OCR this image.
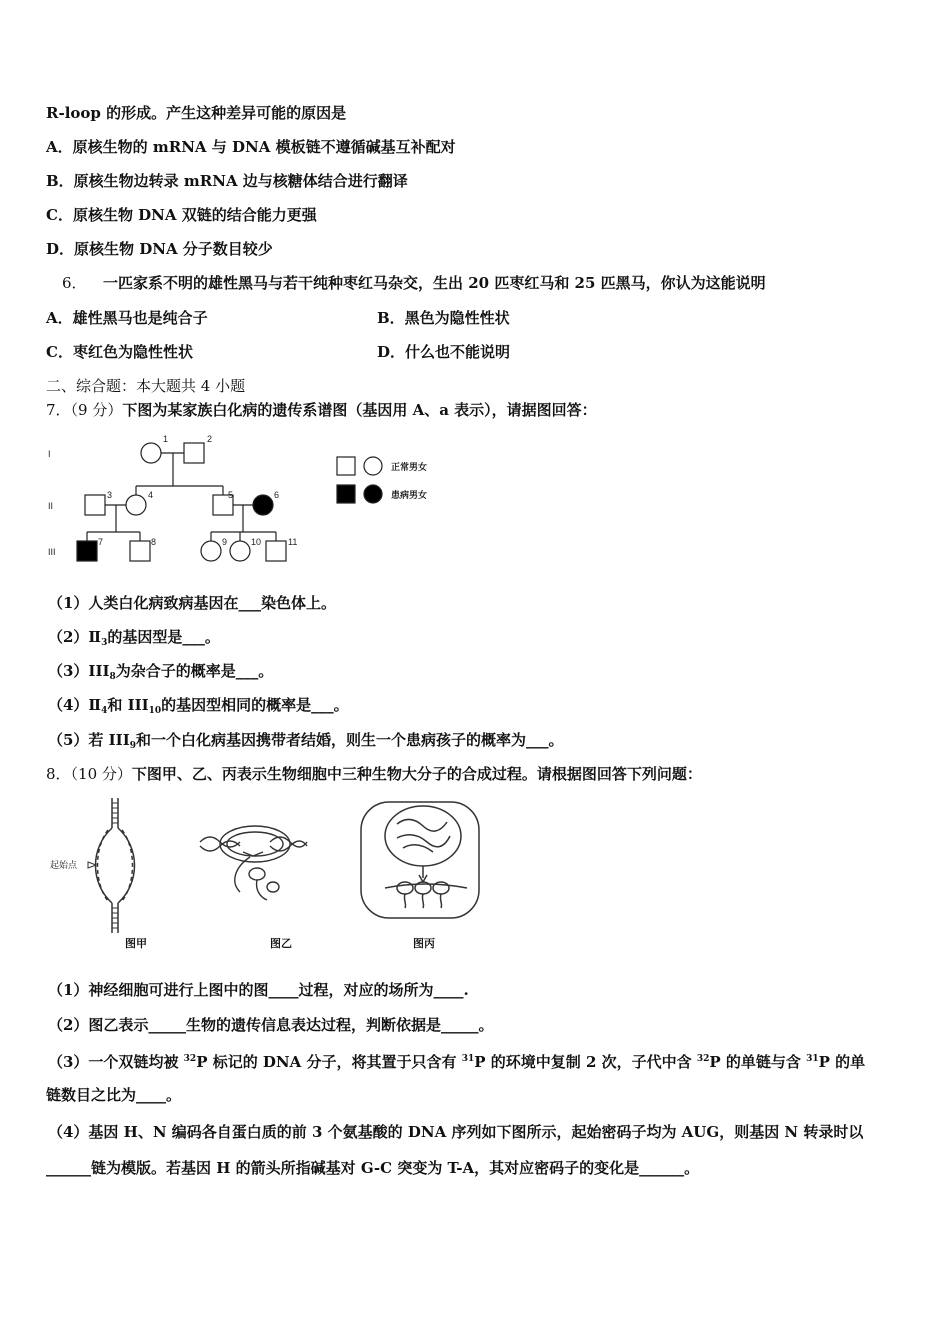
R-loop 的形成。产生这种差异可能的原因是
A．原核生物的 mRNA 与 DNA 模板链不遵循碱基互补配对
B．原核生物边转录 mRNA 边与核糖体结合进行翻译
C．原核生物 DNA 双链的结合能力更强
D．原核生物 DNA 分子数目较少
6． 一匹家系不明的雄性黑马与若干纯种枣红马杂交，生出 20 匹枣红马和 25 匹黑马，你认为这能说明
A．雄性黑马也是纯合子	B．黑色为隐性性状
C．枣红色为隐性性状	D．什么也不能说明
二、综合题：本大题共 4 小题
7．（9 分）下图为某家族白化病的遗传系谱图（基因用 A、a 表示），请据图回答：
I
II
III
1	2
3	4	5	6
7	8	9	10	11
正常男女
患病男女
（1）人类白化病致病基因在___染色体上。
$(2)Ⅱ_3$的基因型是___。
$(3)III_8$为杂合子的概率是___。
$(4)Ⅱ_4$和 $III_{10}$的基因型相同的概率是___。
（5）若 $III_9$和一个白化病基因携带者结婚，则生一个患病孩子的概率为___。
8．（10 分）下图甲、乙、丙表示生物细胞中三种生物大分子的合成过程。请根据图回答下列问题：
起始点
图甲	图乙	图丙
（1）神经细胞可进行上图中的图____过程，对应的场所为____.
（2）图乙表示_____生物的遗传信息表达过程，判断依据是_____。
（3）一个双链均被 $^{32}$P 标记的 DNA 分子，将其置于只含有 $^{31}$P 的环境中复制 2 次，子代中含 $^{32}$P 的单链与含 $^{31}$P 的单
链数目之比为____。
（4）基因 H、N 编码各自蛋白质的前 3 个氨基酸的 DNA 序列如下图所示，起始密码子均为 AUG，则基因 N 转录时以
______链为模版。若基因 H 的箭头所指碱基对 G-C 突变为 T-A，其对应密码子的变化是______。
